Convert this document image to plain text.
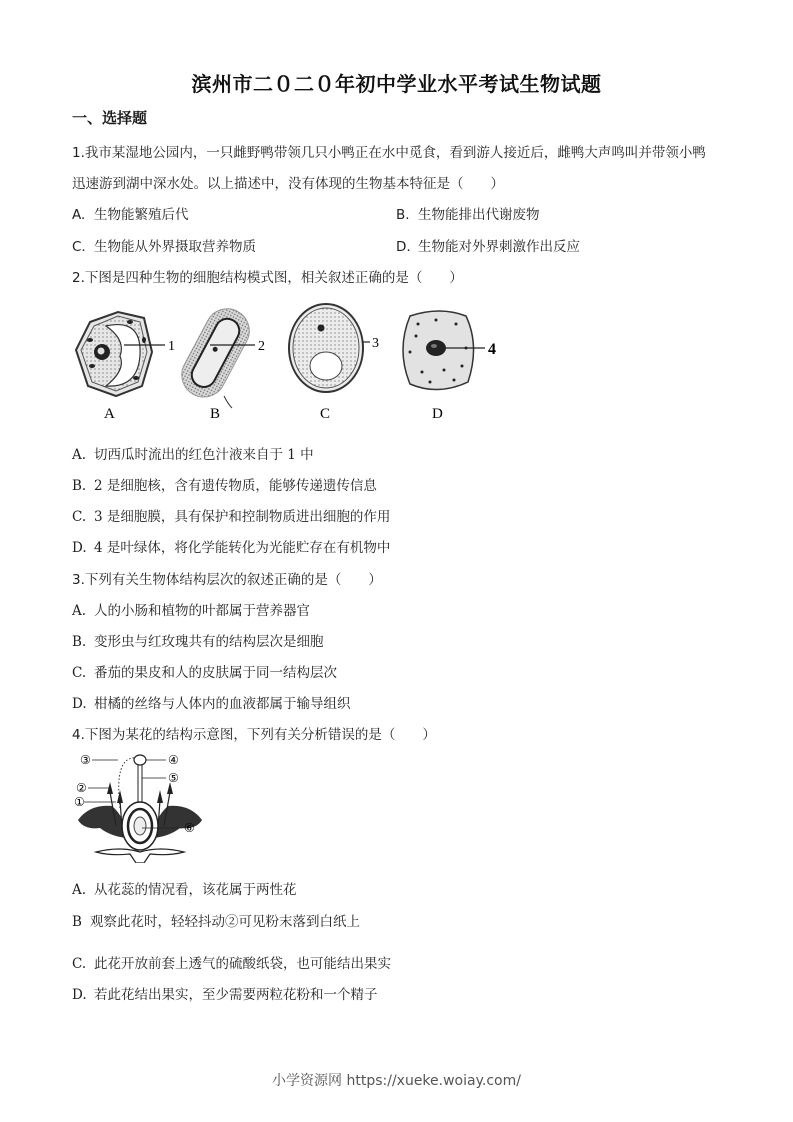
滨州市二０二０年初中学业水平考试生物试题
一、选择题
1.我市某湿地公园内，一只雌野鸭带领几只小鸭正在水中觅食，看到游人接近后，雌鸭大声鸣叫并带领小鸭
迅速游到湖中深水处。以上描述中，没有体现的生物基本特征是（　　）
A. 生物能繁殖后代	B. 生物能排出代谢废物
C. 生物能从外界摄取营养物质	D. 生物能对外界刺激作出反应
2.下图是四种生物的细胞结构模式图，相关叙述正确的是（　　）
1
A
2
B
3
C
4
D
A. 切西瓜时流出的红色汁液来自于 1 中
B. 2 是细胞核，含有遗传物质，能够传递遗传信息
C. 3 是细胞膜，具有保护和控制物质进出细胞的作用
D. 4 是叶绿体，将化学能转化为光能贮存在有机物中
3.下列有关生物体结构层次的叙述正确的是（　　）
A. 人的小肠和植物的叶都属于营养器官
B. 变形虫与红玫瑰共有的结构层次是细胞
C. 番茄的果皮和人的皮肤属于同一结构层次
D. 柑橘的丝络与人体内的血液都属于输导组织
4.下图为某花的结构示意图，下列有关分析错误的是（　　）
①
②
③	④
⑤
⑥
A. 从花蕊的情况看，该花属于两性花
B 观察此花时，轻轻抖动②可见粉末落到白纸上
C. 此花开放前套上透气的硫酸纸袋，也可能结出果实
D. 若此花结出果实，至少需要两粒花粉和一个精子
小学资源网 https://xueke.woiay.com/
